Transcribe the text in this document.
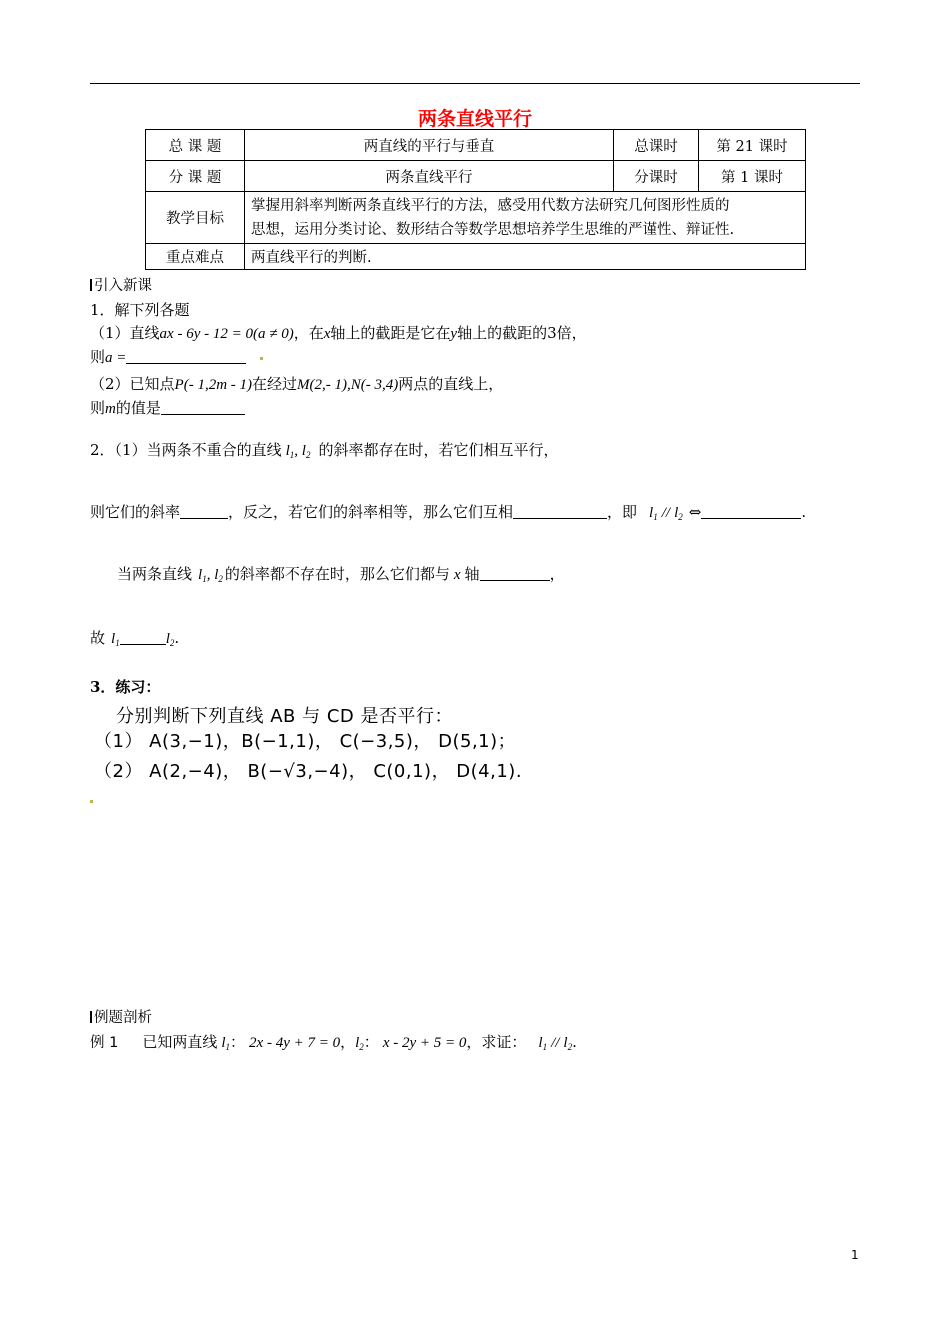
两条直线平行
总 课 题	两直线的平行与垂直	总课时	第 21 课时
分 课 题	两条直线平行	分课时	第 1 课时
教学目标	掌握用斜率判断两条直线平行的方法，感受用代数方法研究几何图形性质的
思想，运用分类讨论、数形结合等数学思想培养学生思维的严谨性、辩证性.		

重点难点	两直线平行的判断.		
引入新课
1．解下列各题
（1）直线ax - 6y - 12 = 0(a ≠ 0)，在x轴上的截距是它在y轴上的截距的3倍，
则a =
（2）已知点P(- 1,2m - 1)在经过M(2,- 1),N(- 3,4)两点的直线上，
则m的值是
2．（1）当两条不重合的直线 $l_1$, $l_2$ 的斜率都存在时，若它们相互平行，
则它们的斜率	，反之，若它们的斜率相等，那么它们互相	，即 $l_1 // l_2$ ⇔	.
当两条直线 $l_1$, $l_2$ 的斜率都不存在时，那么它们都与 x 轴	，
故 $l_1$	$l_2$.
3．练习：
分别判断下列直线 AB 与 CD 是否平行：
（1） A(3,−1)，B(−1,1)， C(−3,5)， D(5,1)；
（2） A(2,−4)， B(−√3,−4)， C(0,1)， D(4,1).
例题剖析
例 1 已知两直线 $l_1$： 2x - 4y + 7 = 0，$l_2$： x - 2y + 5 = 0，求证： $l_1 // l_2$.
1
